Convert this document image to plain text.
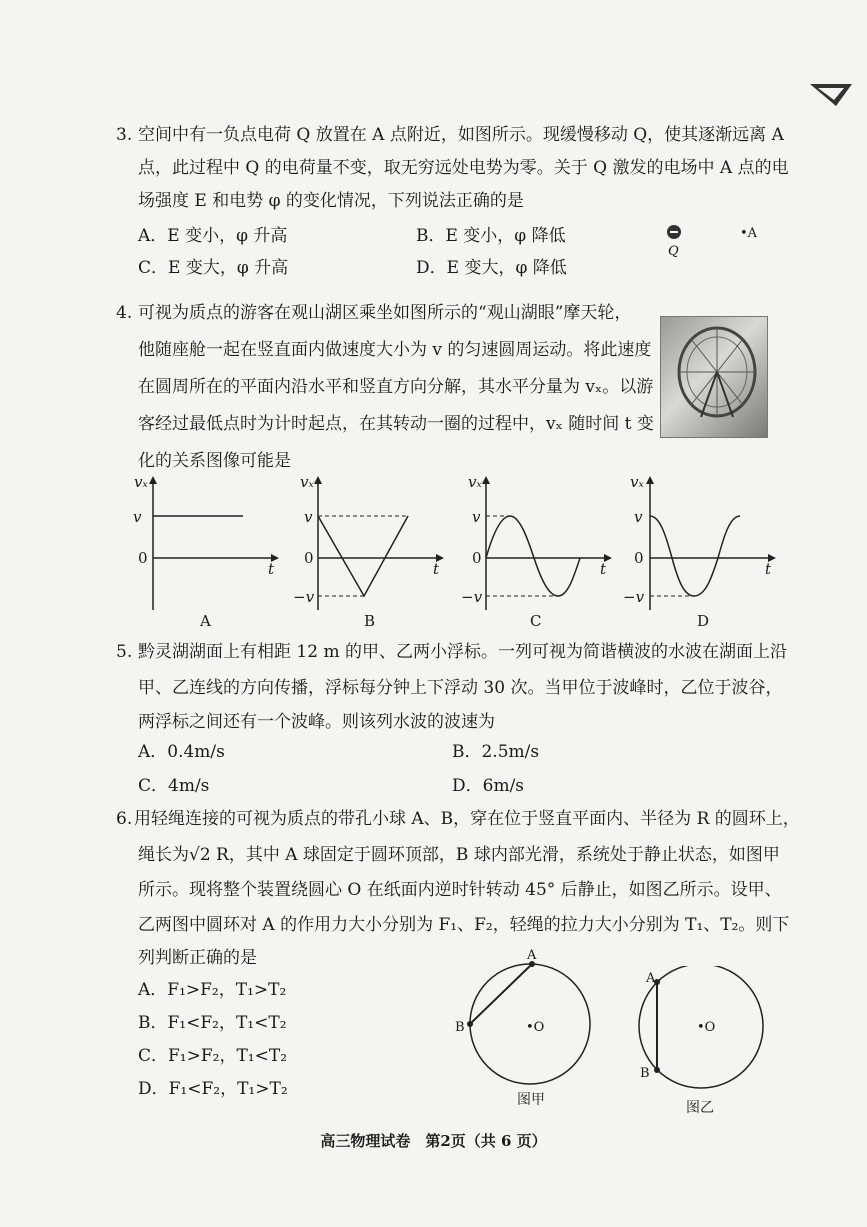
3. 空间中有一负点电荷 Q 放置在 A 点附近，如图所示。现缓慢移动 Q，使其逐渐远离 A
点，此过程中 Q 的电荷量不变，取无穷远处电势为零。关于 Q 激发的电场中 A 点的电
场强度 E 和电势 φ 的变化情况，下列说法正确的是
A．E 变小，φ 升高	B．E 变小，φ 降低
C．E 变大，φ 升高	D．E 变大，φ 降低
Q
•A
4. 可视为质点的游客在观山湖区乘坐如图所示的“观山湖眼”摩天轮，
他随座舱一起在竖直面内做速度大小为 v 的匀速圆周运动。将此速度
在圆周所在的平面内沿水平和竖直方向分解，其水平分量为 vₓ。以游
客经过最低点时为计时起点，在其转动一圈的过程中，vₓ 随时间 t 变
化的关系图像可能是
vₓ
v
0
t
A
vₓ
v
0
−v
t
B
vₓ
v
0
−v
t
C
vₓ
v
0
−v
t
D
5. 黔灵湖湖面上有相距 12 m 的甲、乙两小浮标。一列可视为简谐横波的水波在湖面上沿
甲、乙连线的方向传播，浮标每分钟上下浮动 30 次。当甲位于波峰时，乙位于波谷，
两浮标之间还有一个波峰。则该列水波的波速为
A．0.4m/s	B．2.5m/s
C．4m/s	D．6m/s
6. 用轻绳连接的可视为质点的带孔小球 A、B，穿在位于竖直平面内、半径为 R 的圆环上，
绳长为√2 R，其中 A 球固定于圆环顶部，B 球内部光滑，系统处于静止状态，如图甲
所示。现将整个装置绕圆心 O 在纸面内逆时针转动 45° 后静止，如图乙所示。设甲、
乙两图中圆环对 A 的作用力大小分别为 F₁、F₂，轻绳的拉力大小分别为 T₁、T₂。则下
列判断正确的是
A．F₁>F₂，T₁>T₂
B．F₁<F₂，T₁<T₂
C．F₁>F₂，T₁<T₂
D．F₁<F₂，T₁>T₂
A
B	•O
图甲
A
B
•O
图乙
高三物理试卷　第2页（共 6 页）
